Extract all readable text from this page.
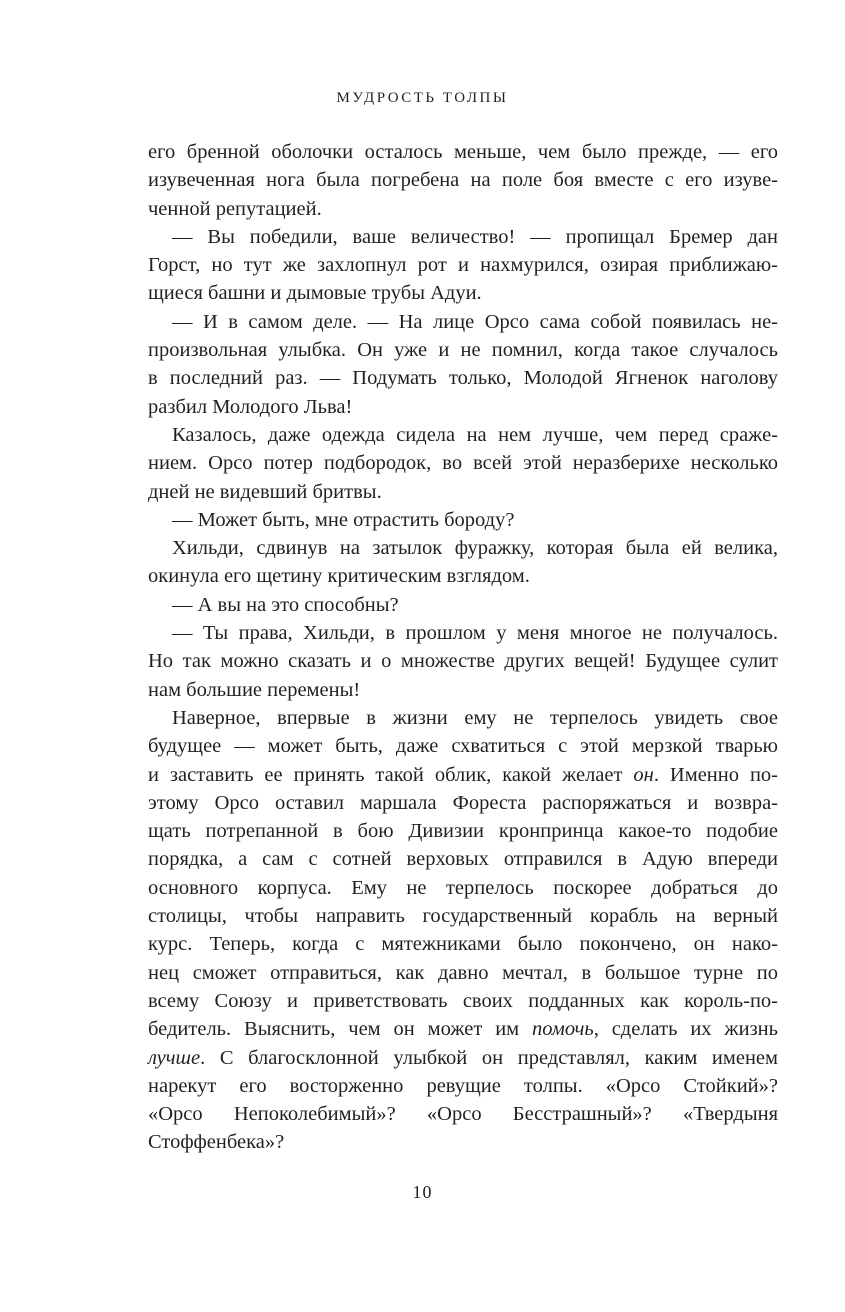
МУДРОСТЬ ТОЛПЫ
его бренной оболочки осталось меньше, чем было прежде, — его
изувеченная нога была погребена на поле боя вместе с его изуве-
ченной репутацией.
— Вы победили, ваше величество! — пропищал Бремер дан
Горст, но тут же захлопнул рот и нахмурился, озирая приближаю-
щиеся башни и дымовые трубы Адуи.
— И в самом деле. — На лице Орсо сама собой появилась не-
произвольная улыбка. Он уже и не помнил, когда такое случалось
в последний раз. — Подумать только, Молодой Ягненок наголову
разбил Молодого Льва!
Казалось, даже одежда сидела на нем лучше, чем перед сраже-
нием. Орсо потер подбородок, во всей этой неразберихе несколько
дней не видевший бритвы.
— Может быть, мне отрастить бороду?
Хильди, сдвинув на затылок фуражку, которая была ей велика,
окинула его щетину критическим взглядом.
— А вы на это способны?
— Ты права, Хильди, в прошлом у меня многое не получалось.
Но так можно сказать и о множестве других вещей! Будущее сулит
нам большие перемены!
Наверное, впервые в жизни ему не терпелось увидеть свое
будущее — может быть, даже схватиться с этой мерзкой тварью
и заставить ее принять такой облик, какой желает он. Именно по-
этому Орсо оставил маршала Фореста распоряжаться и возвра-
щать потрепанной в бою Дивизии кронпринца какое-то подобие
порядка, а сам с сотней верховых отправился в Адую впереди
основного корпуса. Ему не терпелось поскорее добраться до
столицы, чтобы направить государственный корабль на верный
курс. Теперь, когда с мятежниками было покончено, он нако-
нец сможет отправиться, как давно мечтал, в большое турне по
всему Союзу и приветствовать своих подданных как король-по-
бедитель. Выяснить, чем он может им помочь, сделать их жизнь
лучше. С благосклонной улыбкой он представлял, каким именем
нарекут его восторженно ревущие толпы. «Орсо Стойкий»?
«Орсо Непоколебимый»? «Орсо Бесстрашный»? «Твердыня
Стоффенбека»?
10
